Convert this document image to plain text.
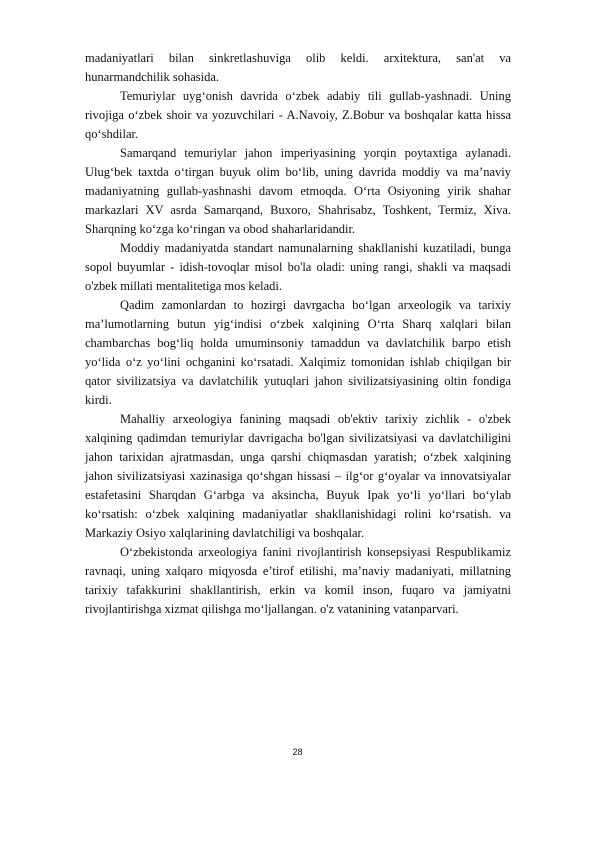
madaniyatlari bilan sinkretlashuviga olib keldi. arxitektura, san'at va hunarmandchilik sohasida.

Temuriylar uyg‘onish davrida o‘zbek adabiy tili gullab-yashnadi. Uning rivojiga o‘zbek shoir va yozuvchilari - A.Navoiy, Z.Bobur va boshqalar katta hissa qo‘shdilar.

Samarqand temuriylar jahon imperiyasining yorqin poytaxtiga aylanadi. Ulug‘bek taxtda o‘tirgan buyuk olim bo‘lib, uning davrida moddiy va ma’naviy madaniyatning gullab-yashnashi davom etmoqda. O‘rta Osiyoning yirik shahar markazlari XV asrda Samarqand, Buxoro, Shahrisabz, Toshkent, Termiz, Xiva. Sharqning ko‘zga ko‘ringan va obod shaharlaridandir.

Moddiy madaniyatda standart namunalarning shakllanishi kuzatiladi, bunga sopol buyumlar - idish-tovoqlar misol bo'la oladi: uning rangi, shakli va maqsadi o'zbek millati mentalitetiga mos keladi.

Qadim zamonlardan to hozirgi davrgacha bo‘lgan arxeologik va tarixiy ma’lumotlarning butun yig‘indisi o‘zbek xalqining O‘rta Sharq xalqlari bilan chambarchas bog‘liq holda umuminsoniy tamaddun va davlatchilik barpo etish yo‘lida o‘z yo‘lini ochganini ko‘rsatadi. Xalqimiz tomonidan ishlab chiqilgan bir qator sivilizatsiya va davlatchilik yutuqlari jahon sivilizatsiyasining oltin fondiga kirdi.

Mahalliy arxeologiya fanining maqsadi ob'ektiv tarixiy zichlik - o'zbek xalqining qadimdan temuriylar davrigacha bo'lgan sivilizatsiyasi va davlatchiligini jahon tarixidan ajratmasdan, unga qarshi chiqmasdan yaratish; o‘zbek xalqining jahon sivilizatsiyasi xazinasiga qo‘shgan hissasi – ilg‘or g‘oyalar va innovatsiyalar estafetasini Sharqdan G‘arbga va aksincha, Buyuk Ipak yo‘li yo‘llari bo‘ylab ko‘rsatish: o‘zbek xalqining madaniyatlar shakllanishidagi rolini ko‘rsatish. va Markaziy Osiyo xalqlarining davlatchiligi va boshqalar.

O‘zbekistonda arxeologiya fanini rivojlantirish konsepsiyasi Respublikamiz ravnaqi, uning xalqaro miqyosda e’tirof etilishi, ma’naviy madaniyati, millatning tarixiy tafakkurini shakllantirish, erkin va komil inson, fuqaro va jamiyatni rivojlantirishga xizmat qilishga mo‘ljallangan. o'z vatanining vatanparvari.

28
